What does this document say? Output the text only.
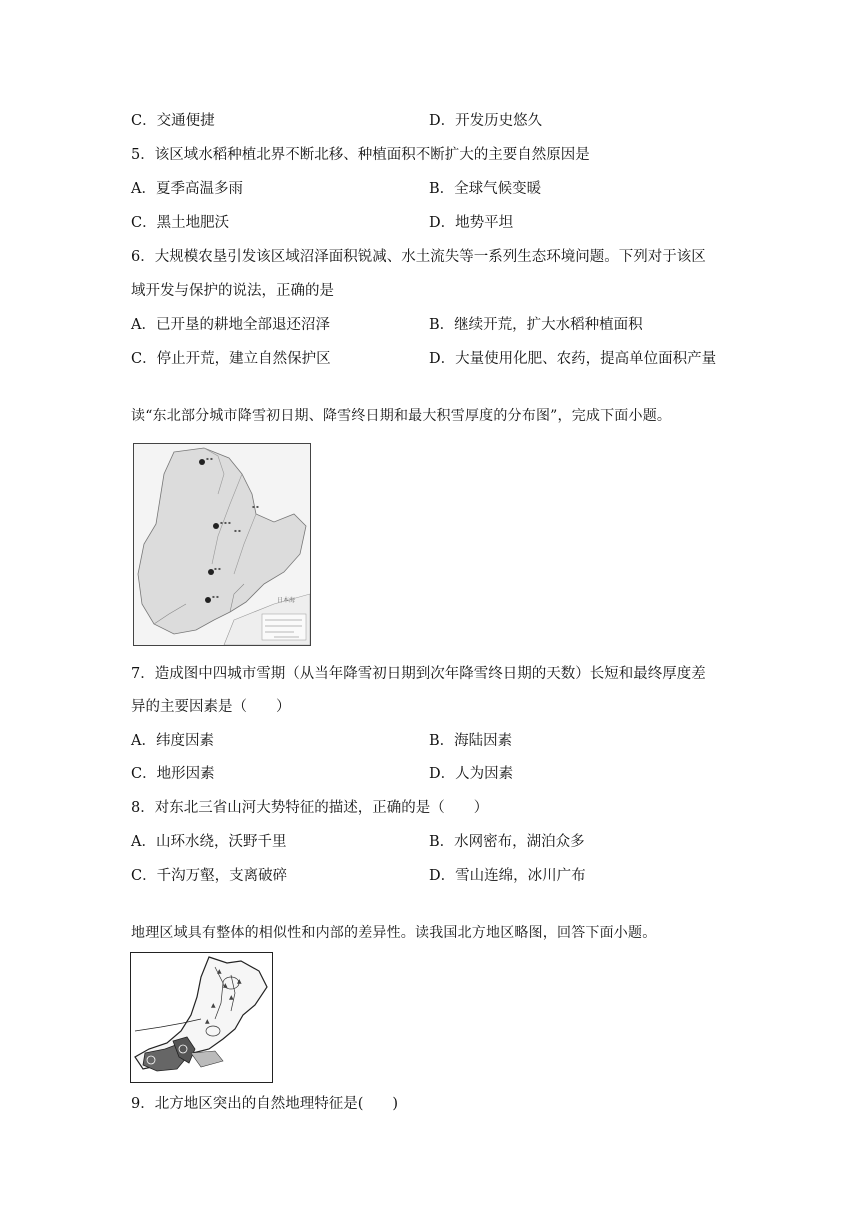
C．交通便捷	D．开发历史悠久
5．该区域水稻种植北界不断北移、种植面积不断扩大的主要自然原因是
A．夏季高温多雨	B．全球气候变暖
C．黑土地肥沃	D．地势平坦
6．大规模农垦引发该区域沼泽面积锐减、水土流失等一系列生态环境问题。下列对于该区
域开发与保护的说法，正确的是
A．已开垦的耕地全部退还沼泽	B．继续开荒，扩大水稻种植面积
C．停止开荒，建立自然保护区	D．大量使用化肥、农药，提高单位面积产量
读“东北部分城市降雪初日期、降雪终日期和最大积雪厚度的分布图”，完成下面小题。
▪ ▪
▪ ▪ ▪
▪ ▪
▪ ▪
▪ ▪
▪ ▪
日本海
7．造成图中四城市雪期（从当年降雪初日期到次年降雪终日期的天数）长短和最终厚度差
异的主要因素是（　　）
A．纬度因素	B．海陆因素
C．地形因素	D．人为因素
8．对东北三省山河大势特征的描述，正确的是（　　）
A．山环水绕，沃野千里	B．水网密布，湖泊众多
C．千沟万壑，支离破碎	D．雪山连绵，冰川广布
地理区域具有整体的相似性和内部的差异性。读我国北方地区略图，回答下面小题。
▲
▲
▲
▲
▲
▲
9．北方地区突出的自然地理特征是(　　)
